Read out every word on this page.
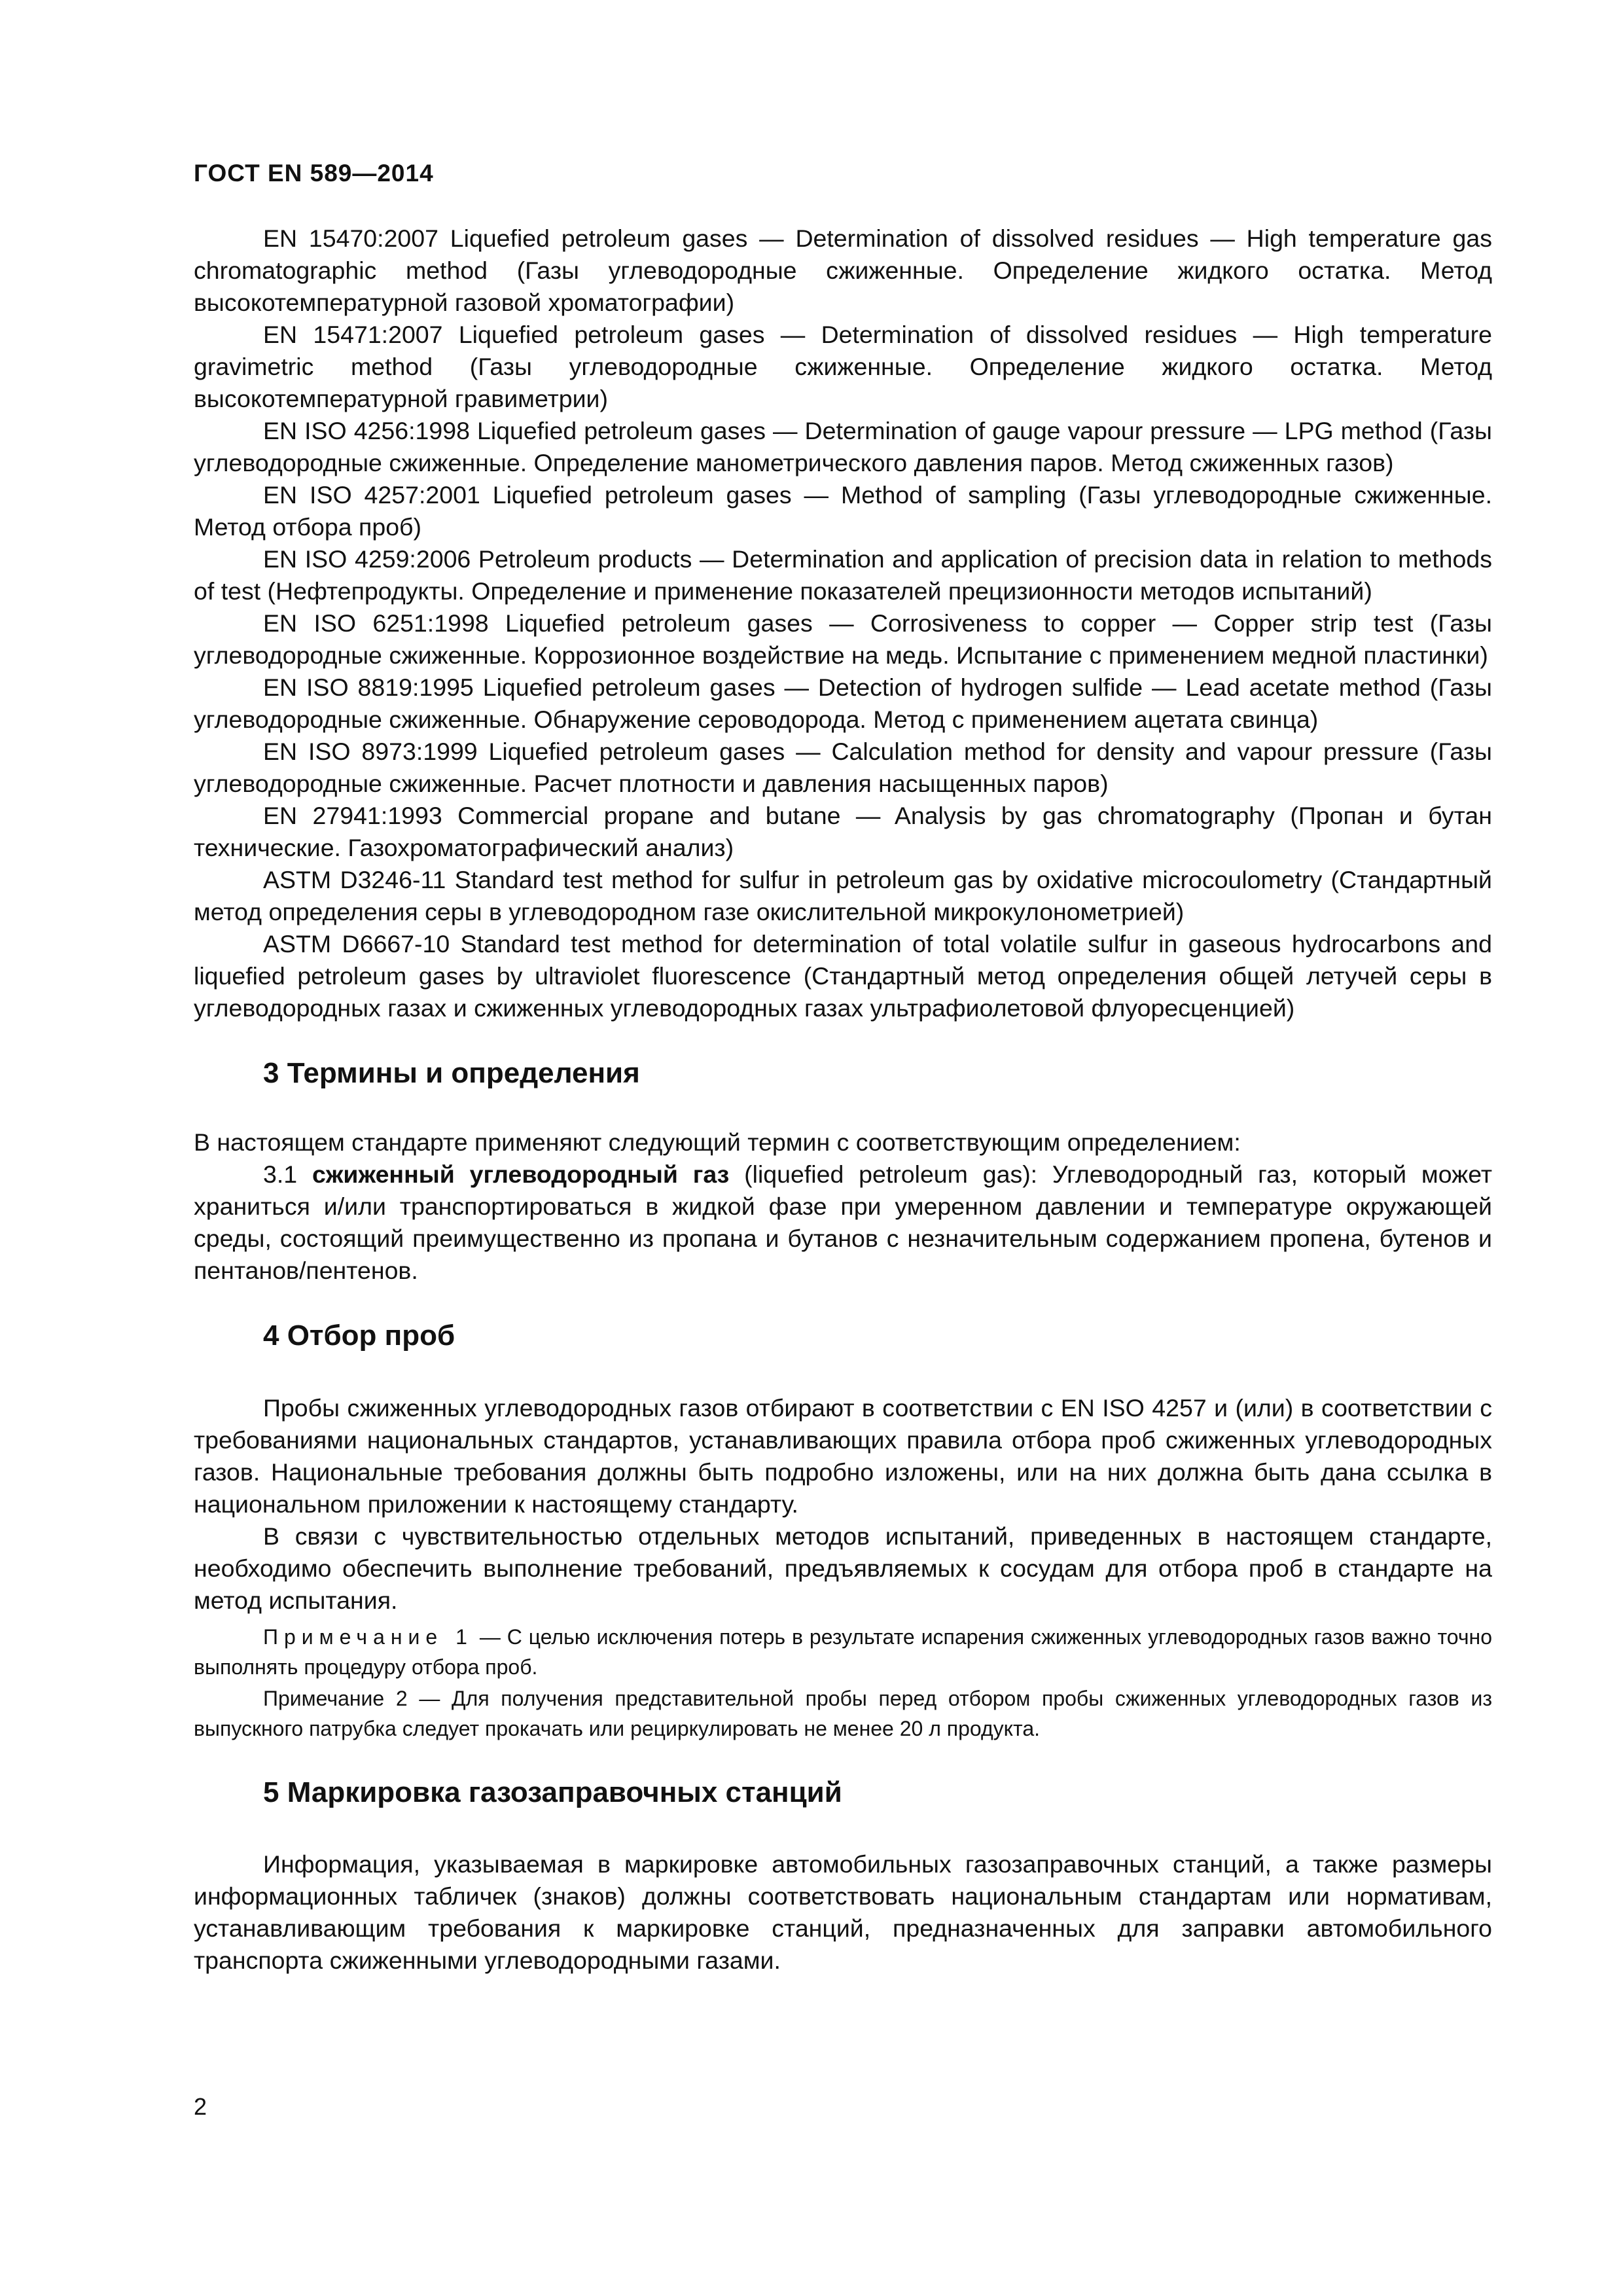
ГОСТ EN 589—2014

EN 15470:2007 Liquefied petroleum gases — Determination of dissolved residues — High temperature gas chromatographic method (Газы углеводородные сжиженные. Определение жидкого остатка. Метод высокотемпературной газовой хроматографии)

EN 15471:2007 Liquefied petroleum gases — Determination of dissolved residues — High temperature gravimetric method (Газы углеводородные сжиженные. Определение жидкого остатка. Метод высокотемпературной гравиметрии)

EN ISO 4256:1998 Liquefied petroleum gases — Determination of gauge vapour pressure — LPG method (Газы углеводородные сжиженные. Определение манометрического давления паров. Метод сжиженных газов)

EN ISO 4257:2001 Liquefied petroleum gases — Method of sampling (Газы углеводородные сжиженные. Метод отбора проб)

EN ISO 4259:2006 Petroleum products — Determination and application of precision data in relation to methods of test (Нефтепродукты. Определение и применение показателей прецизионности методов испытаний)

EN ISO 6251:1998 Liquefied petroleum gases — Corrosiveness to copper — Copper strip test (Газы углеводородные сжиженные. Коррозионное воздействие на медь. Испытание с применением медной пластинки)

EN ISO 8819:1995 Liquefied petroleum gases — Detection of hydrogen sulfide — Lead acetate method (Газы углеводородные сжиженные. Обнаружение сероводорода. Метод с применением ацетата свинца)

EN ISO 8973:1999 Liquefied petroleum gases — Calculation method for density and vapour pressure (Газы углеводородные сжиженные. Расчет плотности и давления насыщенных паров)

EN 27941:1993 Commercial propane and butane — Analysis by gas chromatography (Пропан и бутан технические. Газохроматографический анализ)

ASTM D3246-11 Standard test method for sulfur in petroleum gas by oxidative microcoulometry (Стандартный метод определения серы в углеводородном газе окислительной микрокулонометрией)

ASTM D6667-10 Standard test method for determination of total volatile sulfur in gaseous hydrocarbons and liquefied petroleum gases by ultraviolet fluorescence (Стандартный метод определения общей летучей серы в углеводородных газах и сжиженных углеводородных газах ультрафиолетовой флуоресценцией)

3 Термины и определения

В настоящем стандарте применяют следующий термин с соответствующим определением:

3.1 сжиженный углеводородный газ (liquefied petroleum gas): Углеводородный газ, который может храниться и/или транспортироваться в жидкой фазе при умеренном давлении и температуре окружающей среды, состоящий преимущественно из пропана и бутанов с незначительным содержанием пропена, бутенов и пентанов/пентенов.

4 Отбор проб

Пробы сжиженных углеводородных газов отбирают в соответствии с EN ISO 4257 и (или) в соответствии с требованиями национальных стандартов, устанавливающих правила отбора проб сжиженных углеводородных газов. Национальные требования должны быть подробно изложены, или на них должна быть дана ссылка в национальном приложении к настоящему стандарту.

В связи с чувствительностью отдельных методов испытаний, приведенных в настоящем стандарте, необходимо обеспечить выполнение требований, предъявляемых к сосудам для отбора проб в стандарте на метод испытания.

Примечание 1 — С целью исключения потерь в результате испарения сжиженных углеводородных газов важно точно выполнять процедуру отбора проб.

Примечание 2 — Для получения представительной пробы перед отбором пробы сжиженных углеводородных газов из выпускного патрубка следует прокачать или рециркулировать не менее 20 л продукта.

5 Маркировка газозаправочных станций

Информация, указываемая в маркировке автомобильных газозаправочных станций, а также размеры информационных табличек (знаков) должны соответствовать национальным стандартам или нормативам, устанавливающим требования к маркировке станций, предназначенных для заправки автомобильного транспорта сжиженными углеводородными газами.

2
